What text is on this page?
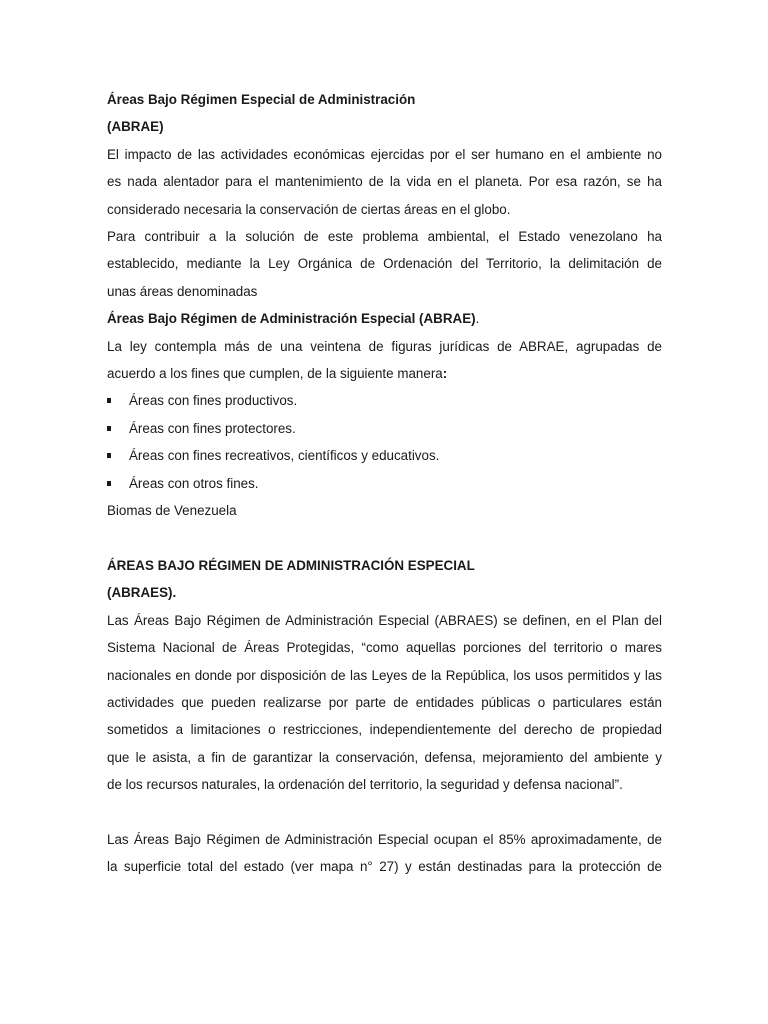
Áreas Bajo Régimen Especial de Administración
(ABRAE)
El impacto de las actividades económicas ejercidas por el ser humano en el ambiente no
es nada alentador para el mantenimiento de la vida en el planeta. Por esa razón, se ha
considerado necesaria la conservación de ciertas áreas en el globo.
Para contribuir a la solución de este problema ambiental, el Estado venezolano ha
establecido, mediante la Ley Orgánica de Ordenación del Territorio, la delimitación de
unas áreas denominadas
Áreas Bajo Régimen de Administración Especial (ABRAE).
La ley contempla más de una veintena de figuras jurídicas de ABRAE, agrupadas de
acuerdo a los fines que cumplen, de la siguiente manera:
Áreas con fines productivos.
Áreas con fines protectores.
Áreas con fines recreativos, científicos y educativos.
Áreas con otros fines.
Biomas de Venezuela
ÁREAS BAJO RÉGIMEN DE ADMINISTRACIÓN ESPECIAL
(ABRAES).
Las Áreas Bajo Régimen de Administración Especial (ABRAES) se definen, en el Plan del
Sistema Nacional de Áreas Protegidas, “como aquellas porciones del territorio o mares
nacionales en donde por disposición de las Leyes de la República, los usos permitidos y las
actividades que pueden realizarse por parte de entidades públicas o particulares están
sometidos a limitaciones o restricciones, independientemente del derecho de propiedad
que le asista, a fin de garantizar la conservación, defensa, mejoramiento del ambiente y
de los recursos naturales, la ordenación del territorio, la seguridad y defensa nacional”.
Las Áreas Bajo Régimen de Administración Especial ocupan el 85% aproximadamente, de
la superficie total del estado (ver mapa n° 27) y están destinadas para la protección de
